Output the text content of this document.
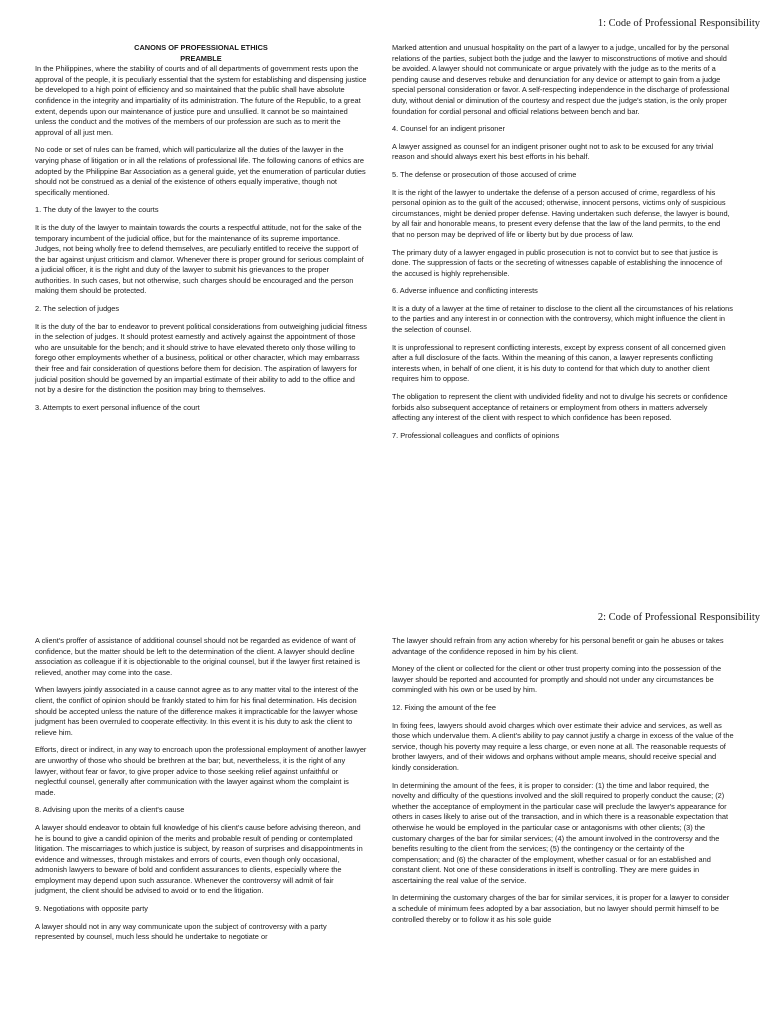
1: Code of Professional Responsibility
CANONS OF PROFESSIONAL ETHICS
PREAMBLE

In the Philippines, where the stability of courts and of all departments of government rests upon the approval of the people, it is peculiarly essential that the system for establishing and dispensing justice be developed to a high point of efficiency and so maintained that the public shall have absolute confidence in the integrity and impartiality of its administration. The future of the Republic, to a great extent, depends upon our maintenance of justice pure and unsullied. It cannot be so maintained unless the conduct and the motives of the members of our profession are such as to merit the approval of all just men.

No code or set of rules can be framed, which will particularize all the duties of the lawyer in the varying phase of litigation or in all the relations of professional life. The following canons of ethics are adopted by the Philippine Bar Association as a general guide, yet the enumeration of particular duties should not be construed as a denial of the existence of others equally imperative, though not specifically mentioned.

1. The duty of the lawyer to the courts

It is the duty of the lawyer to maintain towards the courts a respectful attitude, not for the sake of the temporary incumbent of the judicial office, but for the maintenance of its supreme importance. Judges, not being wholly free to defend themselves, are peculiarly entitled to receive the support of the bar against unjust criticism and clamor. Whenever there is proper ground for serious complaint of a judicial officer, it is the right and duty of the lawyer to submit his grievances to the proper authorities. In such cases, but not otherwise, such charges should be encouraged and the person making them should be protected.

2. The selection of judges

It is the duty of the bar to endeavor to prevent political considerations from outweighing judicial fitness in the selection of judges. It should protest earnestly and actively against the appointment of those who are unsuitable for the bench; and it should strive to have elevated thereto only those willing to forego other employments whether of a business, political or other character, which may embarrass their free and fair consideration of questions before them for decision. The aspiration of lawyers for judicial position should be governed by an impartial estimate of their ability to add to the office and not by a desire for the distinction the position may bring to themselves.

3. Attempts to exert personal influence of the court

Marked attention and unusual hospitality on the part of a lawyer to a judge, uncalled for by the personal relations of the parties, subject both the judge and the lawyer to misconstructions of motive and should be avoided. A lawyer should not communicate or argue privately with the judge as to the merits of a pending cause and deserves rebuke and denunciation for any device or attempt to gain from a judge special personal consideration or favor. A self-respecting independence in the discharge of professional duty, without denial or diminution of the courtesy and respect due the judge's station, is the only proper foundation for cordial personal and official relations between bench and bar.

4. Counsel for an indigent prisoner

A lawyer assigned as counsel for an indigent prisoner ought not to ask to be excused for any trivial reason and should always exert his best efforts in his behalf.

5. The defense or prosecution of those accused of crime

It is the right of the lawyer to undertake the defense of a person accused of crime, regardless of his personal opinion as to the guilt of the accused; otherwise, innocent persons, victims only of suspicious circumstances, might be denied proper defense. Having undertaken such defense, the lawyer is bound, by all fair and honorable means, to present every defense that the law of the land permits, to the end that no person may be deprived of life or liberty but by due process of law.

The primary duty of a lawyer engaged in public prosecution is not to convict but to see that justice is done. The suppression of facts or the secreting of witnesses capable of establishing the innocence of the accused is highly reprehensible.

6. Adverse influence and conflicting interests

It is a duty of a lawyer at the time of retainer to disclose to the client all the circumstances of his relations to the parties and any interest in or connection with the controversy, which might influence the client in the selection of counsel.

It is unprofessional to represent conflicting interests, except by express consent of all concerned given after a full disclosure of the facts. Within the meaning of this canon, a lawyer represents conflicting interests when, in behalf of one client, it is his duty to contend for that which duty to another client requires him to oppose.

The obligation to represent the client with undivided fidelity and not to divulge his secrets or confidence forbids also subsequent acceptance of retainers or employment from others in matters adversely affecting any interest of the client with respect to which confidence has been reposed.

7. Professional colleagues and conflicts of opinions
2: Code of Professional Responsibility

A client's proffer of assistance of additional counsel should not be regarded as evidence of want of confidence, but the matter should be left to the determination of the client. A lawyer should decline association as colleague if it is objectionable to the original counsel, but if the lawyer first retained is relieved, another may come into the case.

When lawyers jointly associated in a cause cannot agree as to any matter vital to the interest of the client, the conflict of opinion should be frankly stated to him for his final determination. His decision should be accepted unless the nature of the difference makes it impracticable for the lawyer whose judgment has been overruled to cooperate effectivity. In this event it is his duty to ask the client to relieve him.

Efforts, direct or indirect, in any way to encroach upon the professional employment of another lawyer are unworthy of those who should be brethren at the bar; but, nevertheless, it is the right of any lawyer, without fear or favor, to give proper advice to those seeking relief against unfaithful or neglectful counsel, generally after communication with the lawyer against whom the complaint is made.

8. Advising upon the merits of a client's cause

A lawyer should endeavor to obtain full knowledge of his client's cause before advising thereon, and he is bound to give a candid opinion of the merits and probable result of pending or contemplated litigation. The miscarriages to which justice is subject, by reason of surprises and disappointments in evidence and witnesses, through mistakes and errors of courts, even though only occasional, admonish lawyers to beware of bold and confident assurances to clients, especially where the employment may depend upon such assurance. Whenever the controversy will admit of fair judgment, the client should be advised to avoid or to end the litigation.

9. Negotiations with opposite party

A lawyer should not in any way communicate upon the subject of controversy with a party represented by counsel, much less should he undertake to negotiate or

The lawyer should refrain from any action whereby for his personal benefit or gain he abuses or takes advantage of the confidence reposed in him by his client.

Money of the client or collected for the client or other trust property coming into the possession of the lawyer should be reported and accounted for promptly and should not under any circumstances be commingled with his own or be used by him.

12. Fixing the amount of the fee

In fixing fees, lawyers should avoid charges which over estimate their advice and services, as well as those which undervalue them. A client's ability to pay cannot justify a charge in excess of the value of the service, though his poverty may require a less charge, or even none at all. The reasonable requests of brother lawyers, and of their widows and orphans without ample means, should receive special and kindly consideration.

In determining the amount of the fees, it is proper to consider: (1) the time and labor required, the novelty and difficulty of the questions involved and the skill required to properly conduct the cause; (2) whether the acceptance of employment in the particular case will preclude the lawyer's appearance for others in cases likely to arise out of the transaction, and in which there is a reasonable expectation that otherwise he would be employed in the particular case or antagonisms with other clients; (3) the customary charges of the bar for similar services; (4) the amount involved in the controversy and the benefits resulting to the client from the services; (5) the contingency or the certainty of the compensation; and (6) the character of the employment, whether casual or for an established and constant client. Not one of these considerations in itself is controlling. They are mere guides in ascertaining the real value of the service.

In determining the customary charges of the bar for similar services, it is proper for a lawyer to consider a schedule of minimum fees adopted by a bar association, but no lawyer should permit himself to be controlled thereby or to follow it as his sole guide
